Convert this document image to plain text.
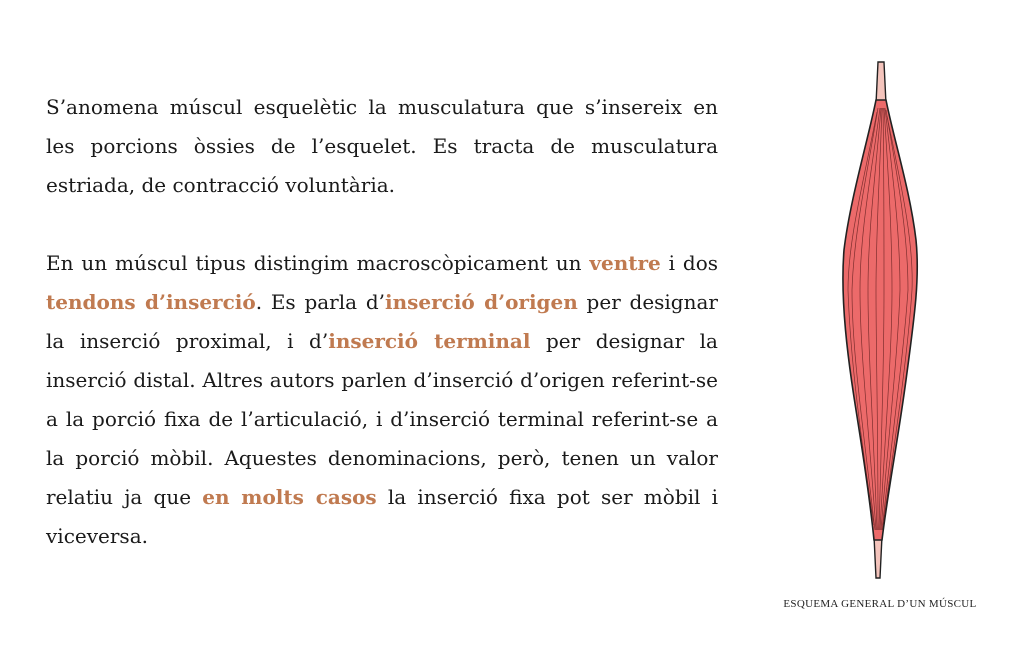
S’anomena múscul esquelètic la musculatura que s’insereix en les porcions òssies de l’esquelet. Es tracta de musculatura estriada, de contracció voluntària.

En un múscul tipus distingim macroscòpicament un ventre i dos tendons d’inserció. Es parla d’inserció d’origen per designar la inserció proximal, i d’inserció terminal per designar la inserció distal. Altres autors parlen d’inserció d’origen referint-se a la porció fixa de l’articulació, i d’inserció terminal referint-se a la porció mòbil. Aquestes denominacions, però, tenen un valor relatiu ja que en molts casos la inserció fixa pot ser mòbil i viceversa.

ESQUEMA GENERAL D’UN MÚSCUL
